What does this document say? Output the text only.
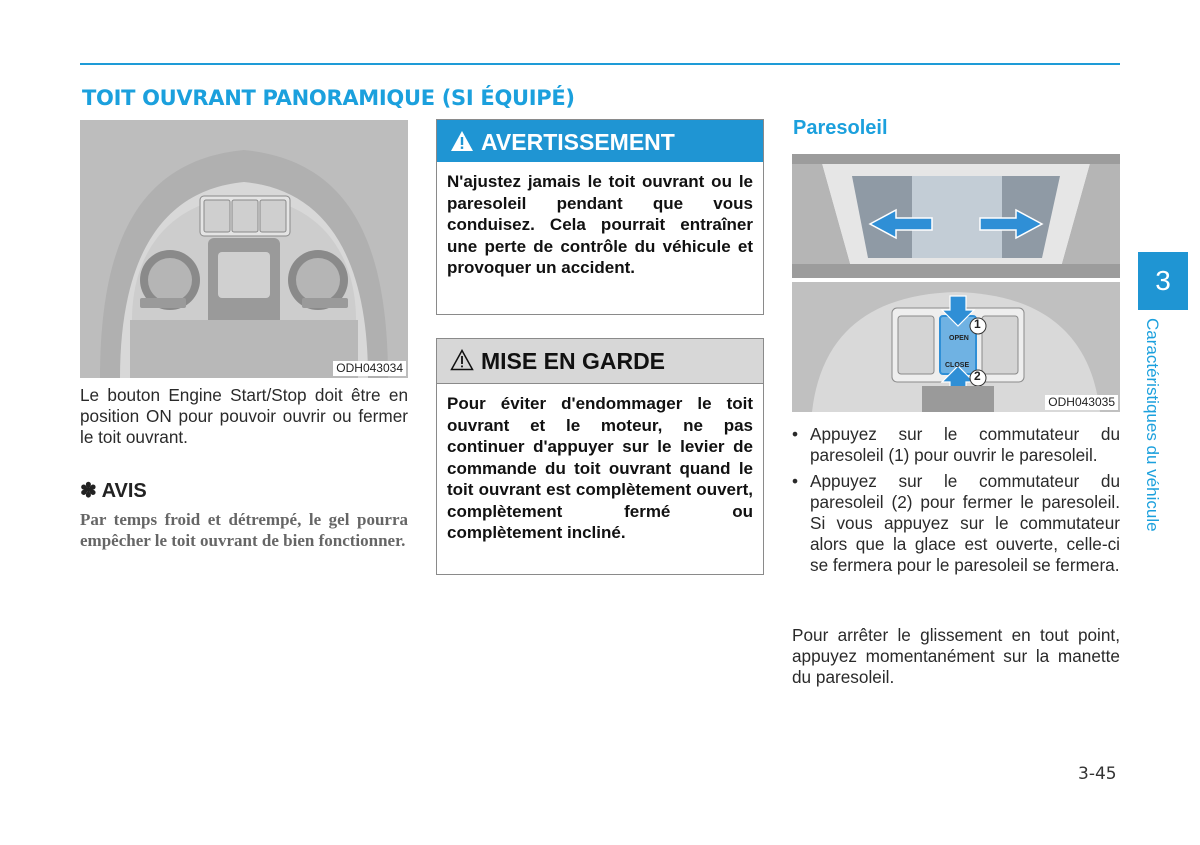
TOIT OUVRANT PANORAMIQUE (SI ÉQUIPÉ)
ODH043034
Le bouton Engine Start/Stop doit être en position ON pour pouvoir ouvrir ou fermer le toit ouvrant.
✽ AVIS
Par temps froid et détrempé, le gel pourra empêcher le toit ouvrant de bien fonctionner.
AVERTISSEMENT
N'ajustez jamais le toit ouvrant ou le paresoleil pendant que vous conduisez. Cela pourrait entraîner une perte de contrôle du véhicule et provoquer un accident.
MISE EN GARDE
Pour éviter d'endommager le toit ouvrant et le moteur, ne pas continuer d'appuyer sur le levier de commande du toit ouvrant quand le toit ouvrant est complètement ouvert, complètement fermé ou complètement incliné.
Paresoleil
OPEN
CLOSE
1
2
ODH043035
• Appuyez sur le commutateur du paresoleil (1) pour ouvrir le paresoleil.
• Appuyez sur le commutateur du paresoleil (2) pour fermer le paresoleil. Si vous appuyez sur le commutateur alors que la glace est ouverte, celle-ci se fermera pour le paresoleil se fermera.
Pour arrêter le glissement en tout point, appuyez momentanément sur la manette du paresoleil.
3
Caractéristiques du véhicule
3-45
